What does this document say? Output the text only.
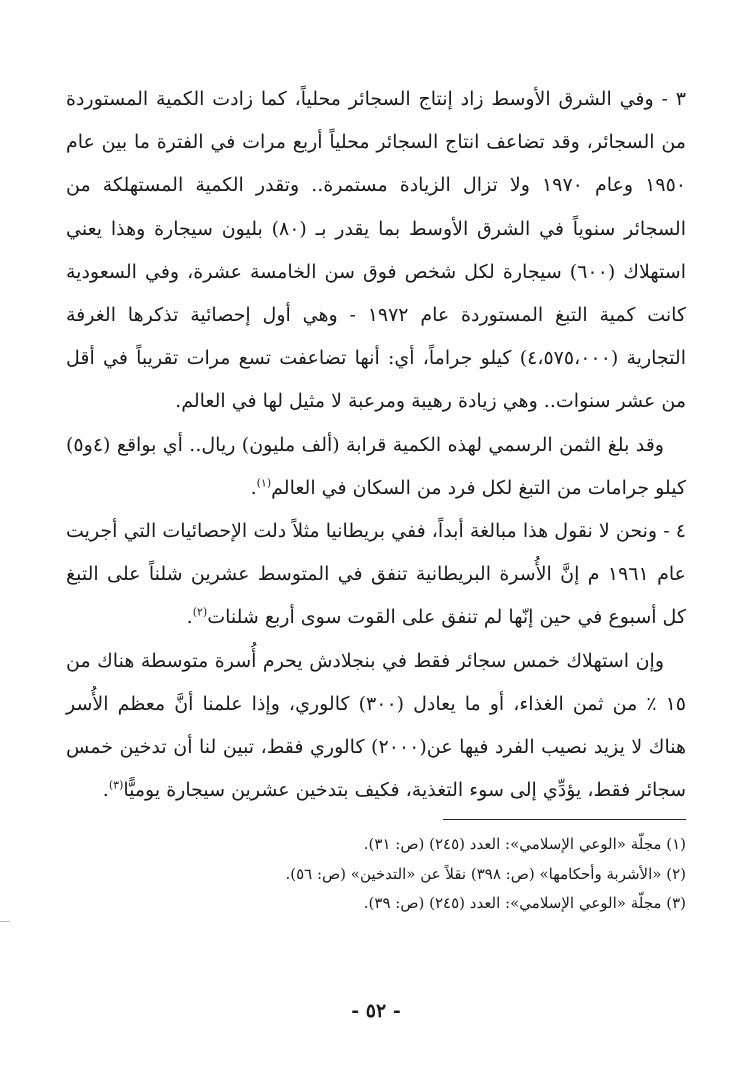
٣ - وفي الشرق الأوسط زاد إنتاج السجائر محلياً، كما زادت الكمية المستوردة من السجائر، وقد تضاعف انتاج السجائر محلياً أربع مرات في الفترة ما بين عام ١٩٥٠ وعام ١٩٧٠ ولا تزال الزيادة مستمرة.. وتقدر الكمية المستهلكة من السجائر سنوياً في الشرق الأوسط بما يقدر بـ (٨٠) بليون سيجارة وهذا يعني استهلاك (٦٠٠) سيجارة لكل شخص فوق سن الخامسة عشرة، وفي السعودية كانت كمية التبغ المستوردة عام ١٩٧٢ - وهي أول إحصائية تذكرها الغرفة التجارية (٤،٥٧٥،٠٠٠) كيلو جراماً، أي: أنها تضاعفت تسع مرات تقريباً في أقل من عشر سنوات.. وهي زيادة رهيبة ومرعبة لا مثيل لها في العالم.

وقد بلغ الثمن الرسمي لهذه الكمية قرابة (ألف مليون) ريال.. أي بواقع (٤و٥) كيلو جرامات من التبغ لكل فرد من السكان في العالم$^{(١)}$.

٤ - ونحن لا نقول هذا مبالغة أبداً، ففي بريطانيا مثلاً دلت الإحصائيات التي أجريت عام ١٩٦١ م إنَّ الأُسرة البريطانية تنفق في المتوسط عشرين شلناً على التبغ كل أسبوع في حين إنّها لم تنفق على القوت سوى أربع شلنات$^{(٢)}$.

وإن استهلاك خمس سجائر فقط في بنجلادش يحرم أُسرة متوسطة هناك من ١٥ ٪ من ثمن الغذاء، أو ما يعادل (٣٠٠) كالوري، وإذا علمنا أنَّ معظم الأُسر هناك لا يزيد نصيب الفرد فيها عن(٢٠٠٠) كالوري فقط، تبين لنا أن تدخين خمس سجائر فقط، يؤدِّي إلى سوء التغذية، فكيف بتدخين عشرين سيجارة يوميًّا$^{(٣)}$.

(١) مجلّة «الوعي الإسلامي»: العدد (٢٤٥) (ص: ٣١).

(٢) «الأشربة وأحكامها» (ص: ٣٩٨) نقلاً عن «التدخين» (ص: ٥٦).

(٣) مجلّة «الوعي الإسلامي»: العدد (٢٤٥) (ص: ٣٩).

- ٥٢ -
